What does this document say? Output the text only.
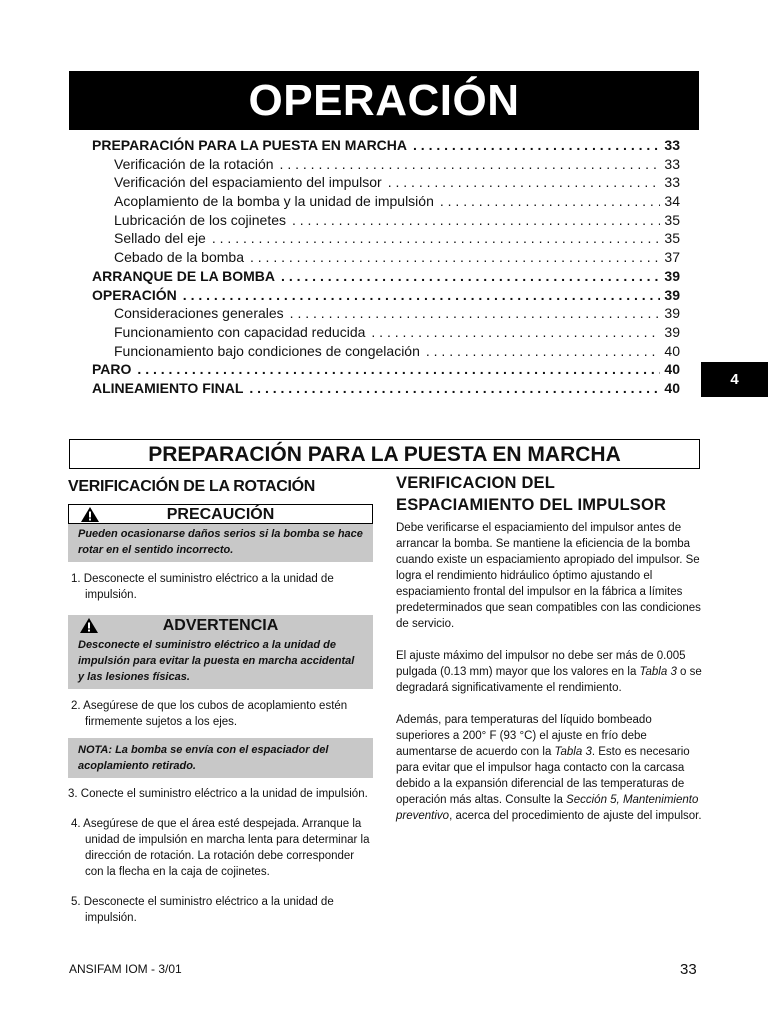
OPERACIÓN
PREPARACIÓN PARA LA PUESTA EN MARCHA . . .	33
Verificación de la rotación . . .	33
Verificación del espaciamiento del impulsor . . .	33
Acoplamiento de la bomba y la unidad de impulsión . . .	34
Lubricación de los cojinetes . . .	35
Sellado del eje . . .	35
Cebado de la bomba . . .	37
ARRANQUE DE LA BOMBA . . .	39
OPERACIÓN . . .	39
Consideraciones generales . . .	39
Funcionamiento con capacidad reducida . . .	39
Funcionamiento bajo condiciones de congelación . . .	40
PARO . . .	40
ALINEAMIENTO FINAL . . .	40	4
PREPARACIÓN PARA LA PUESTA EN MARCHA
VERIFICACIÓN DE LA ROTACIÓN
PRECAUCIÓN
Pueden ocasionarse daños serios si la bomba se hace rotar en el sentido incorrecto.

1. Desconecte el suministro eléctrico a la unidad de impulsión.

ADVERTENCIA
Desconecte el suministro eléctrico a la unidad de impulsión para evitar la puesta en marcha accidental y las lesiones físicas.

2. Asegúrese de que los cubos de acoplamiento estén firmemente sujetos a los ejes.

NOTA: La bomba se envía con el espaciador del acoplamiento retirado.

3. Conecte el suministro eléctrico a la unidad de impulsión.

4. Asegúrese de que el área esté despejada. Arranque la unidad de impulsión en marcha lenta para determinar la dirección de rotación. La rotación debe corresponder con la flecha en la caja de cojinetes.

5. Desconecte el suministro eléctrico a la unidad de impulsión.

VERIFICACION DEL
ESPACIAMIENTO DEL IMPULSOR

Debe verificarse el espaciamiento del impulsor antes de arrancar la bomba. Se mantiene la eficiencia de la bomba cuando existe un espaciamiento apropiado del impulsor. Se logra el rendimiento hidráulico óptimo ajustando el espaciamiento frontal del impulsor en la fábrica a límites predeterminados que sean compatibles con las condiciones de servicio.

El ajuste máximo del impulsor no debe ser más de 0.005 pulgada (0.13 mm) mayor que los valores en la Tabla 3 o se degradará significativamente el rendimiento.

Además, para temperaturas del líquido bombeado superiores a 200° F (93 °C) el ajuste en frío debe aumentarse de acuerdo con la Tabla 3. Esto es necesario para evitar que el impulsor haga contacto con la carcasa debido a la expansión diferencial de las temperaturas de operación más altas. Consulte la Sección 5, Mantenimiento preventivo, acerca del procedimiento de ajuste del impulsor.

ANSIFAM IOM - 3/01	33
